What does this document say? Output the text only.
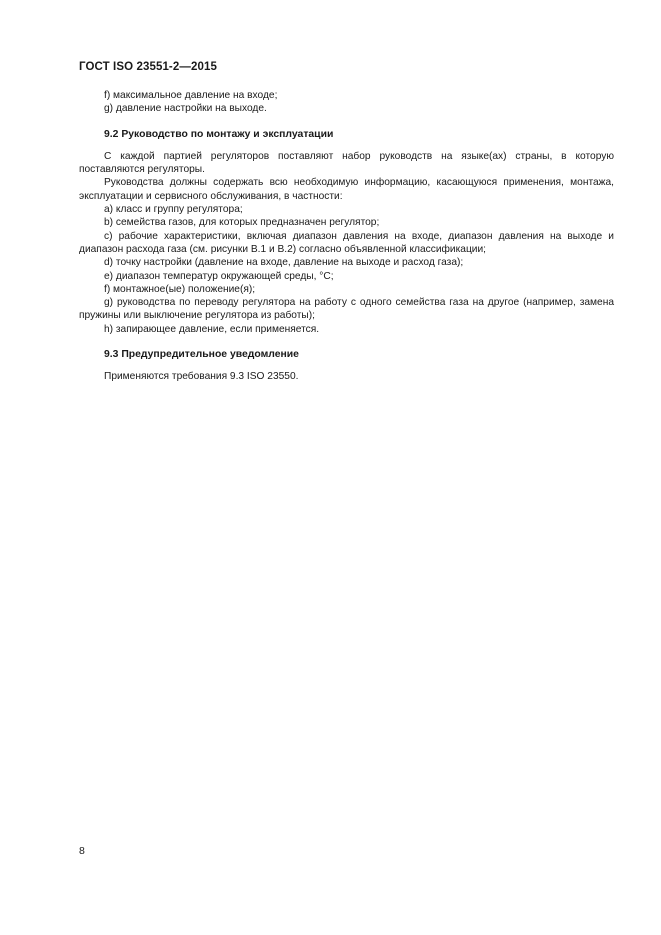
ГОСТ ISO 23551-2—2015

f) максимальное давление на входе;

g) давление настройки на выходе.

9.2 Руководство по монтажу и эксплуатации

С каждой партией регуляторов поставляют набор руководств на языке(ах) страны, в которую поставляются регуляторы.

Руководства должны содержать всю необходимую информацию, касающуюся применения, монтажа, эксплуатации и сервисного обслуживания, в частности:

a) класс и группу регулятора;

b) семейства газов, для которых предназначен регулятор;

c) рабочие характеристики, включая диапазон давления на входе, диапазон давления на выходе и диапазон расхода газа (см. рисунки В.1 и В.2) согласно объявленной классификации;

d) точку настройки (давление на входе, давление на выходе и расход газа);

e) диапазон температур окружающей среды, °С;

f) монтажное(ые) положение(я);

g) руководства по переводу регулятора на работу с одного семейства газа на другое (например, замена пружины или выключение регулятора из работы);

h) запирающее давление, если применяется.

9.3 Предупредительное уведомление

Применяются требования 9.3 ISO 23550.

8
